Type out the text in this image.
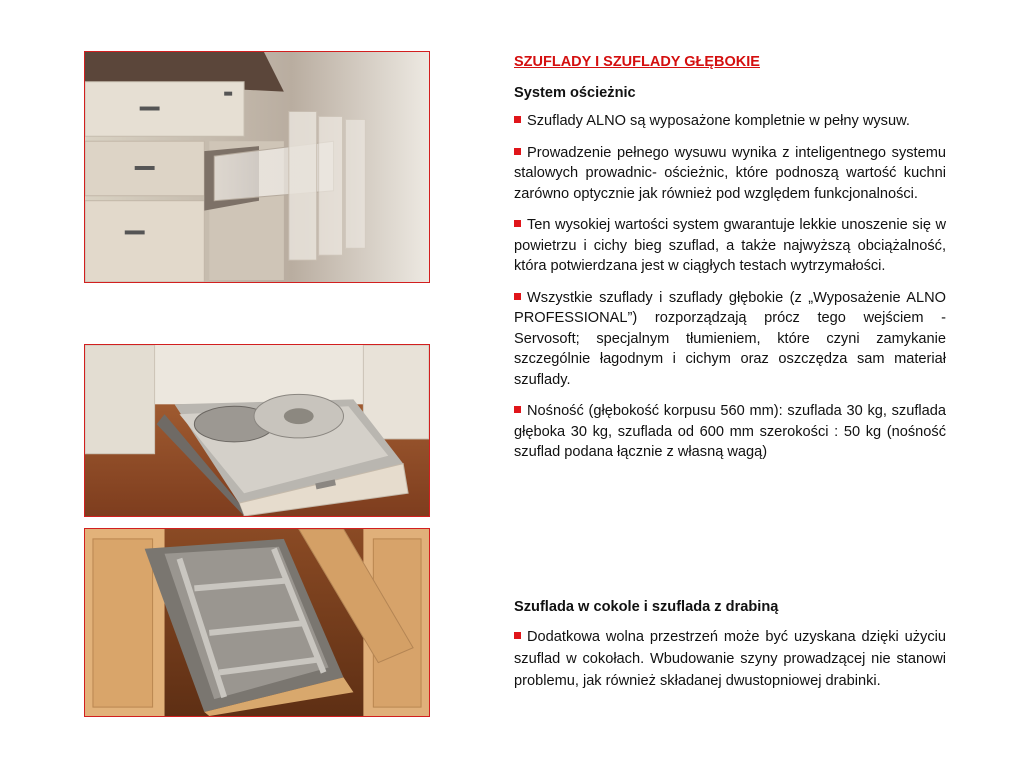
SZUFLADY I SZUFLADY GŁĘBOKIE
System ościeżnic

Szuflady ALNO są wyposażone kompletnie w pełny wysuw.

Prowadzenie pełnego wysuwu wynika z inteligentnego systemu stalowych prowadnic- ościeżnic, które podnoszą wartość kuchni zarówno optycznie jak również pod względem funkcjonalności.

Ten wysokiej wartości system gwarantuje lekkie unoszenie się w powietrzu i cichy bieg szuflad, a także najwyższą obciążalność, która potwierdzana jest w ciągłych testach wytrzymałości.

Wszystkie szuflady i szuflady głębokie (z „Wyposażenie ALNO PROFESSIONAL”) rozporządzają prócz tego wejściem - Servosoft; specjalnym tłumieniem, które czyni zamykanie szczególnie łagodnym i cichym oraz oszczędza sam materiał szuflady.

Nośność (głębokość korpusu 560 mm): szuflada 30 kg, szuflada głęboka 30 kg, szuflada od 600 mm szerokości : 50 kg (nośność szuflad podana łącznie z własną wagą)

Szuflada w cokole i szuflada z drabiną

Dodatkowa wolna przestrzeń może być uzyskana dzięki użyciu szuflad w cokołach. Wbudowanie szyny prowadzącej nie stanowi problemu, jak również składanej dwustopniowej drabinki.
